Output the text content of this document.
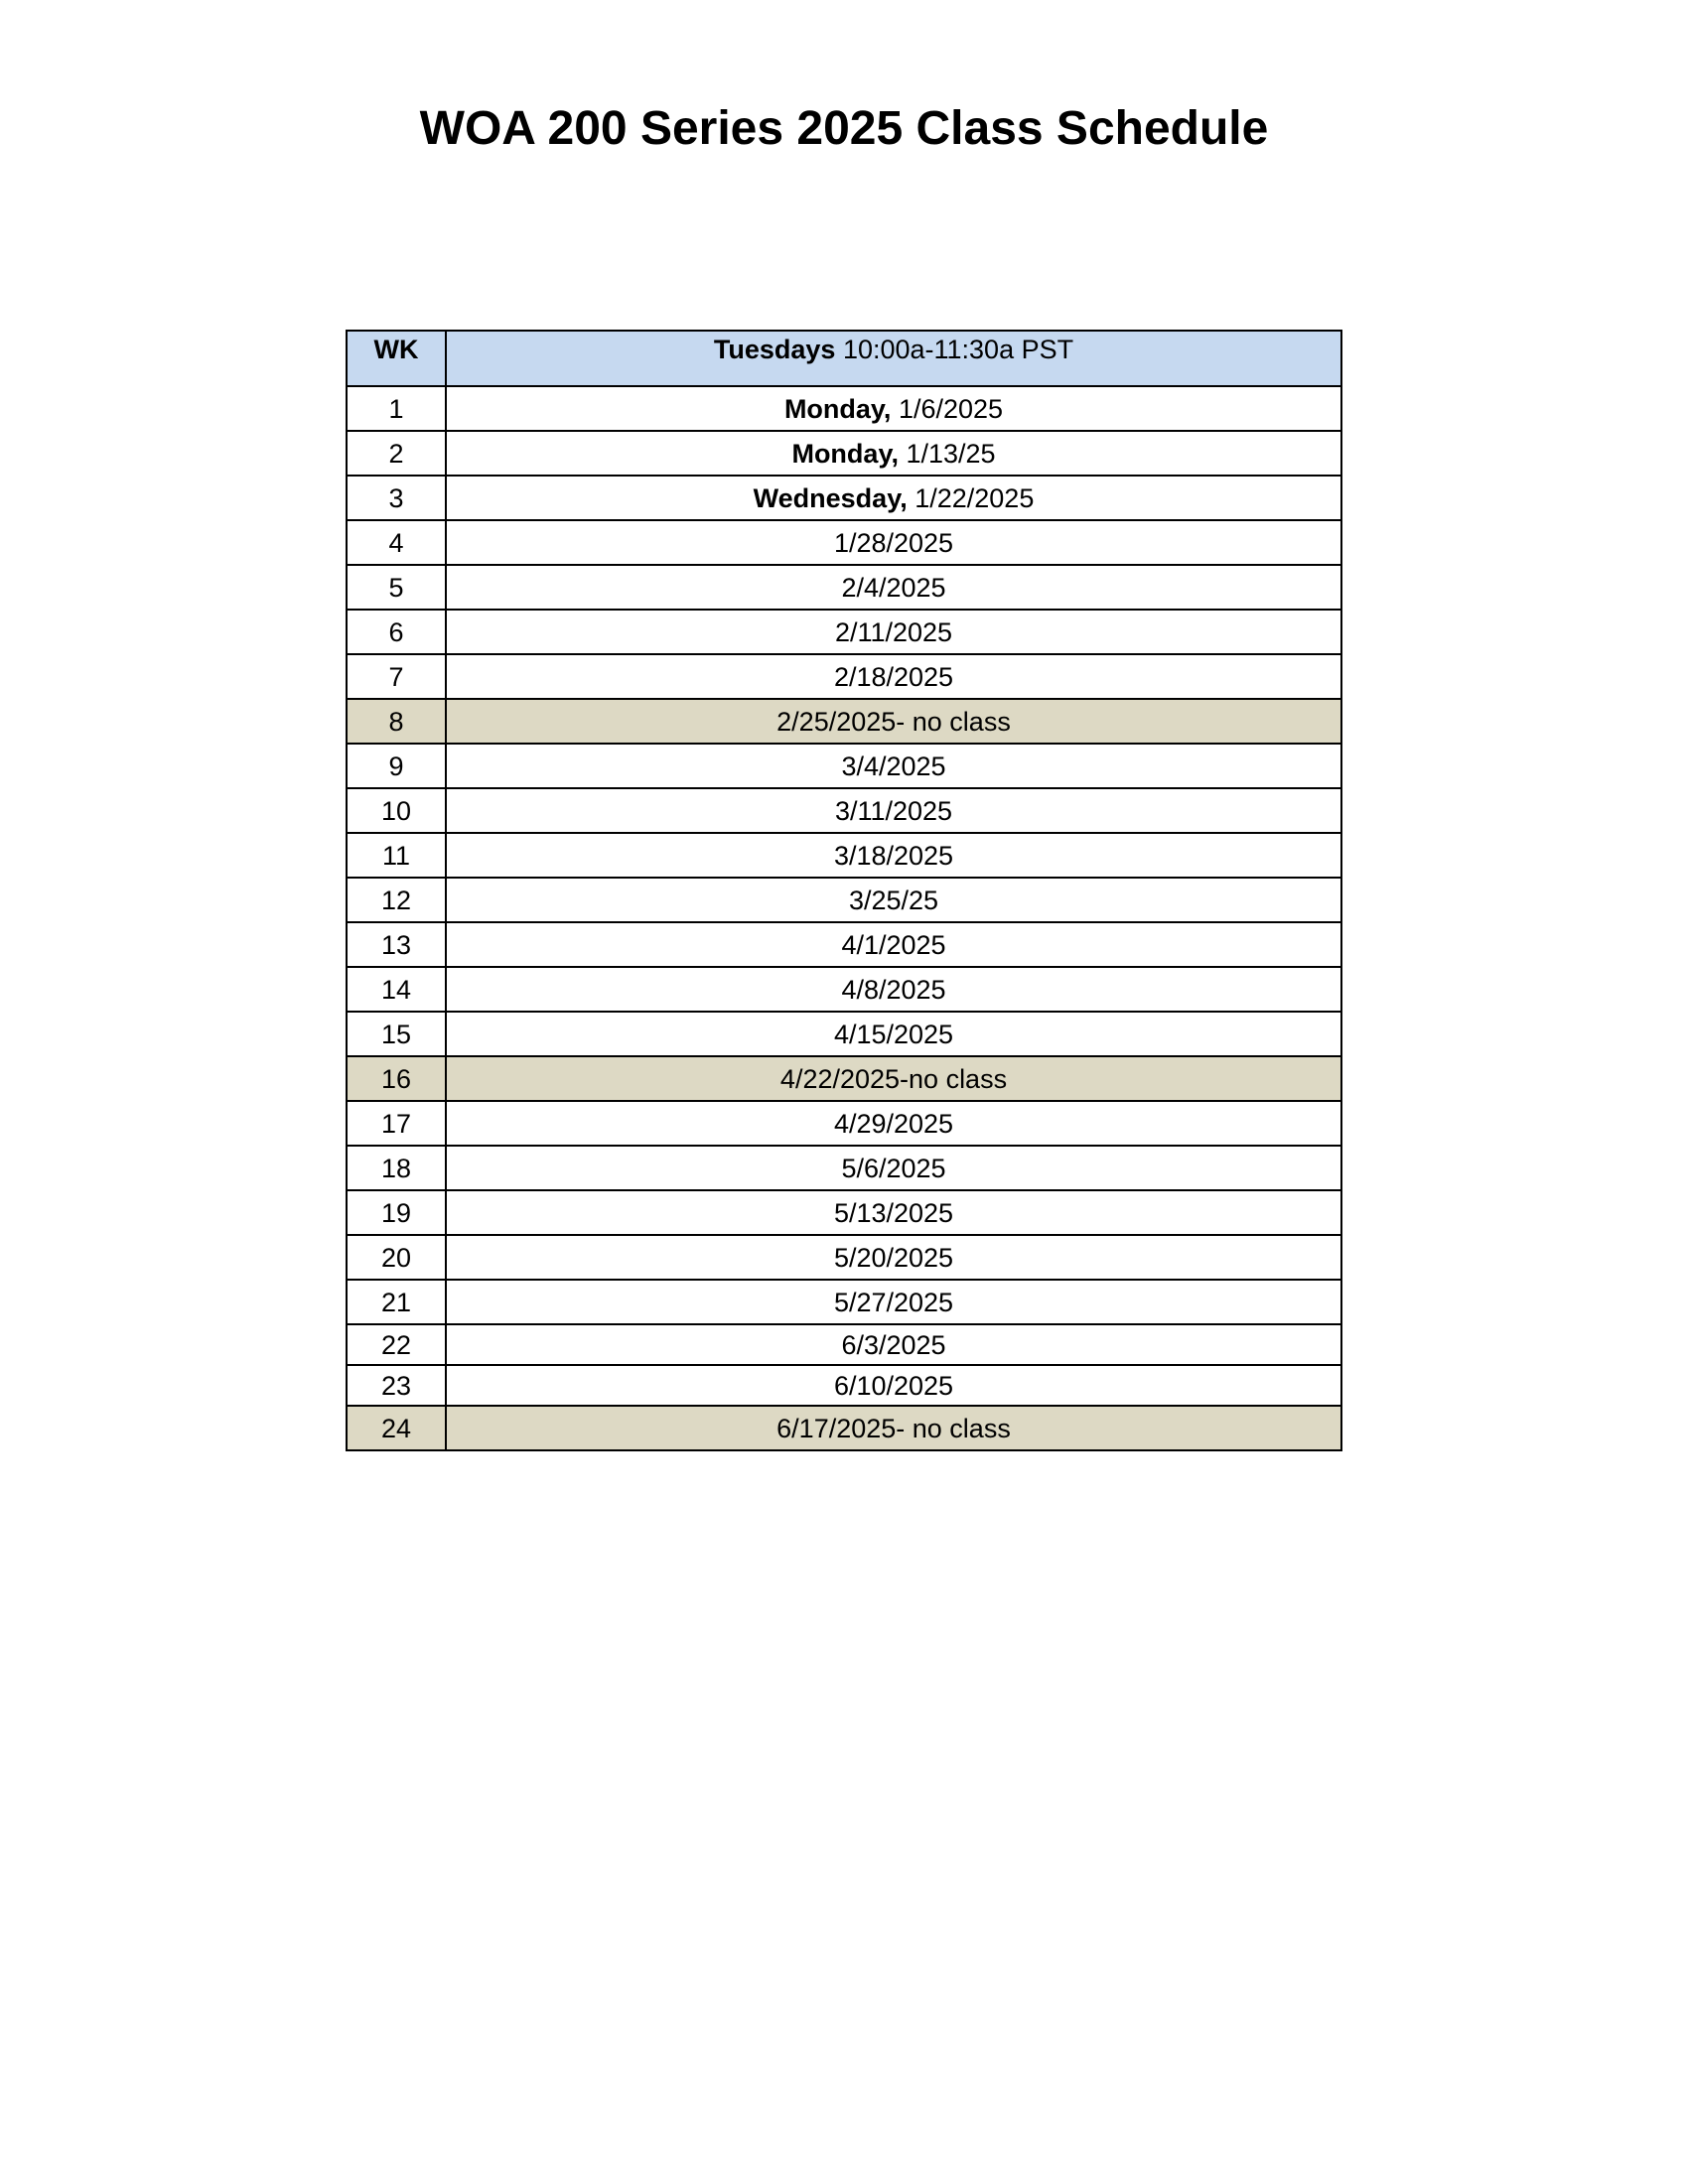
WOA 200 Series 2025 Class Schedule
WK	Tuesdays 10:00a-11:30a PST
1	Monday, 1/6/2025
2	Monday, 1/13/25
3	Wednesday, 1/22/2025
4	1/28/2025
5	2/4/2025
6	2/11/2025
7	2/18/2025
8	2/25/2025- no class
9	3/4/2025
10	3/11/2025
11	3/18/2025
12	3/25/25
13	4/1/2025
14	4/8/2025
15	4/15/2025
16	4/22/2025-no class
17	4/29/2025
18	5/6/2025
19	5/13/2025
20	5/20/2025
21	5/27/2025
22	6/3/2025
23	6/10/2025
24	6/17/2025- no class
